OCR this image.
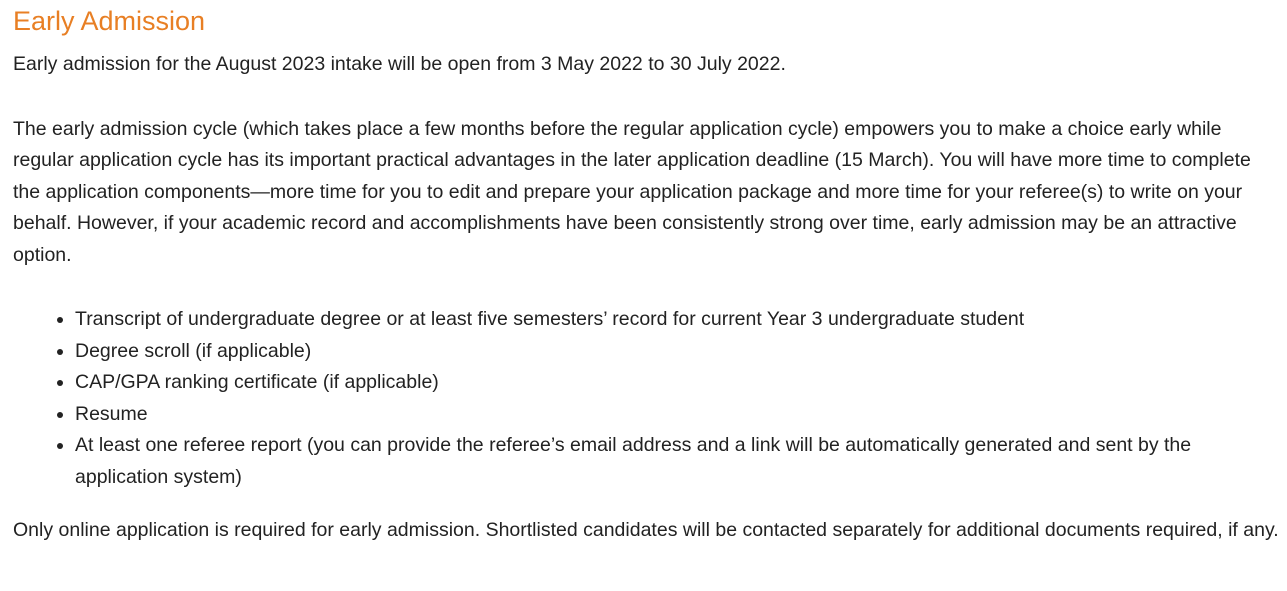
Early Admission

Early admission for the August 2023 intake will be open from 3 May 2022 to 30 July 2022.

The early admission cycle (which takes place a few months before the regular application cycle) empowers you to make a choice early while regular application cycle has its important practical advantages in the later application deadline (15 March). You will have more time to complete the application components—more time for you to edit and prepare your application package and more time for your referee(s) to write on your behalf. However, if your academic record and accomplishments have been consistently strong over time, early admission may be an attractive option.

• Transcript of undergraduate degree or at least five semesters’ record for current Year 3 undergraduate student
• Degree scroll (if applicable)
• CAP/GPA ranking certificate (if applicable)
• Resume
• At least one referee report (you can provide the referee’s email address and a link will be automatically generated and sent by the application system)

Only online application is required for early admission. Shortlisted candidates will be contacted separately for additional documents required, if any.
